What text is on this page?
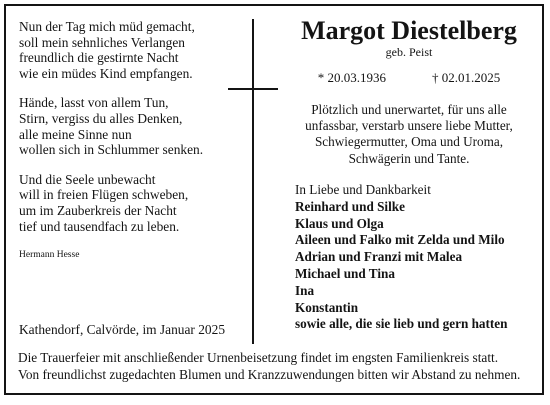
Nun der Tag mich müd gemacht,
soll mein sehnliches Verlangen
freundlich die gestirnte Nacht
wie ein müdes Kind empfangen.
Hände, lasst von allem Tun,
Stirn, vergiss du alles Denken,
alle meine Sinne nun
wollen sich in Schlummer senken.
Und die Seele unbewacht
will in freien Flügen schweben,
um im Zauberkreis der Nacht
tief und tausendfach zu leben.
Hermann Hesse
Kathendorf, Calvörde, im Januar 2025
Margot Diestelberg
geb. Peist
* 20.03.1936	† 02.01.2025
Plötzlich und unerwartet, für uns alle
unfassbar, verstarb unsere liebe Mutter,
Schwiegermutter, Oma und Uroma,
Schwägerin und Tante.
In Liebe und Dankbarkeit
Reinhard und Silke
Klaus und Olga
Aileen und Falko mit Zelda und Milo
Adrian und Franzi mit Malea
Michael und Tina
Ina
Konstantin
sowie alle, die sie lieb und gern hatten
Die Trauerfeier mit anschließender Urnenbeisetzung findet im engsten Familienkreis statt.
Von freundlichst zugedachten Blumen und Kranzzuwendungen bitten wir Abstand zu nehmen.
